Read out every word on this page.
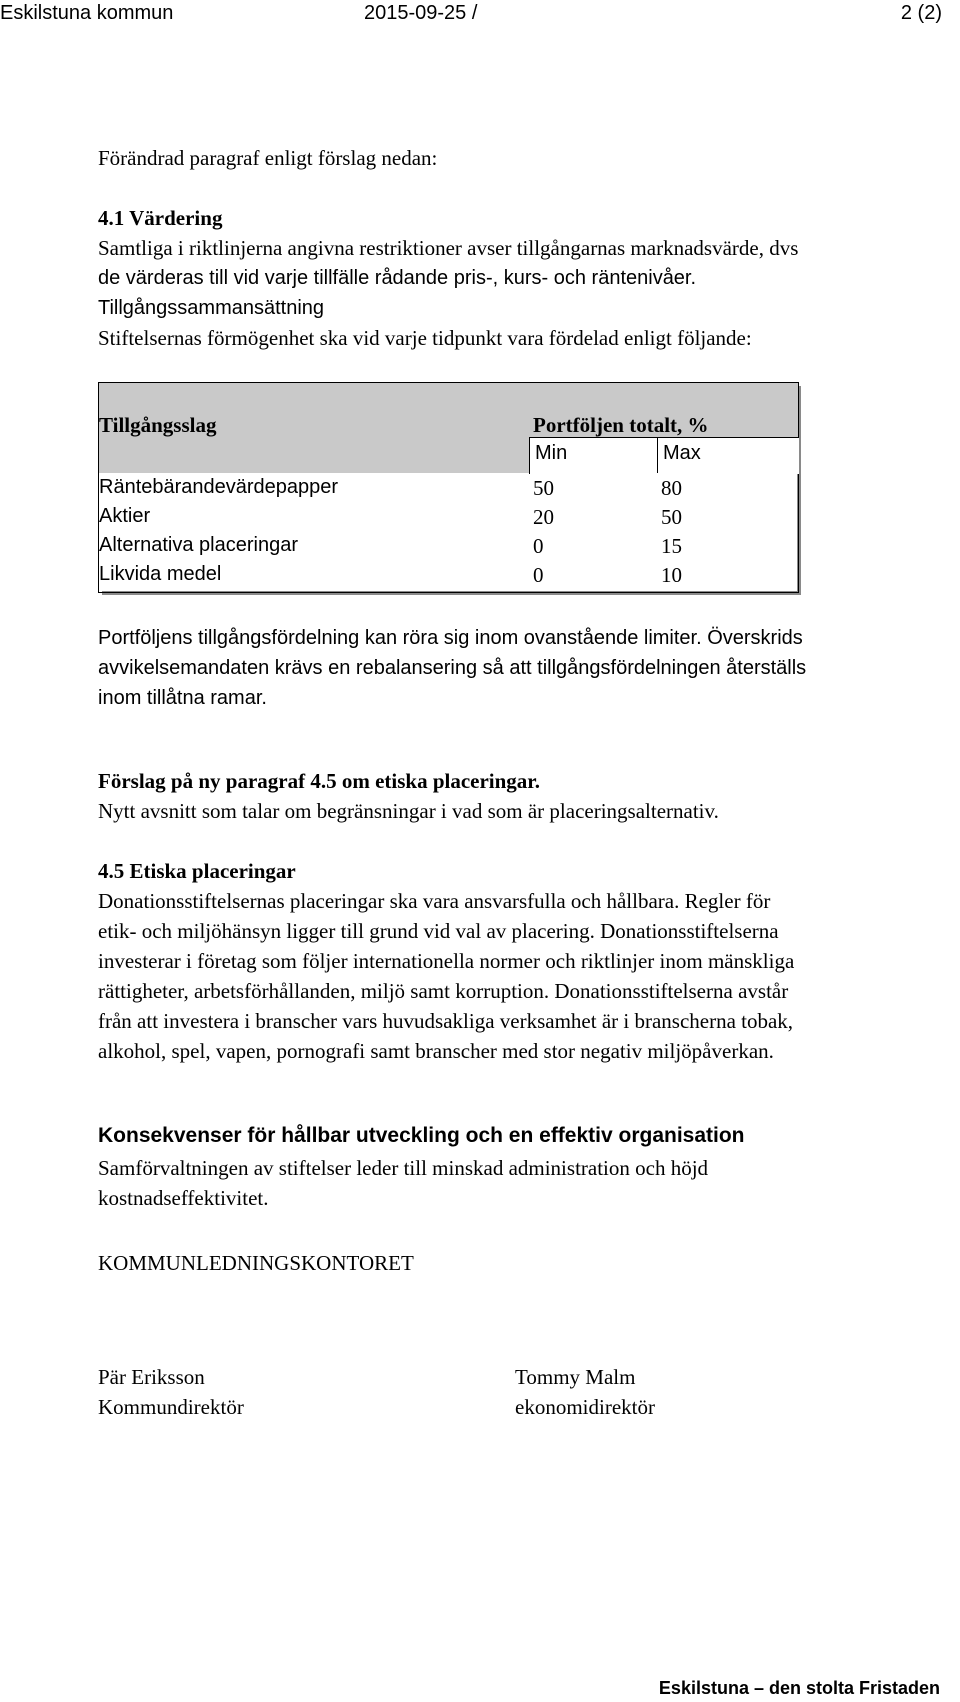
Eskilstuna kommun	2015-09-25 /	2 (2)
Förändrad paragraf enligt förslag nedan:

4.1 Värdering
Samtliga i riktlinjerna angivna restriktioner avser tillgångarnas marknadsvärde, dvs
de värderas till vid varje tillfälle rådande pris-, kurs- och räntenivåer.
Tillgångssammansättning
Stiftelsernas förmögenhet ska vid varje tidpunkt vara fördelad enligt följande:

Tillgångsslag	Portföljen totalt, %
Min	Max
Räntebärandevärdepapper	50	80
Aktier	20	50
Alternativa placeringar	0	15
Likvida medel	0	10

Portföljens tillgångsfördelning kan röra sig inom ovanstående limiter. Överskrids
avvikelsemandaten krävs en rebalansering så att tillgångsfördelningen återställs
inom tillåtna ramar.

Förslag på ny paragraf 4.5 om etiska placeringar.
Nytt avsnitt som talar om begränsningar i vad som är placeringsalternativ.

4.5 Etiska placeringar
Donationsstiftelsernas placeringar ska vara ansvarsfulla och hållbara. Regler för
etik- och miljöhänsyn ligger till grund vid val av placering. Donationsstiftelserna
investerar i företag som följer internationella normer och riktlinjer inom mänskliga
rättigheter, arbetsförhållanden, miljö samt korruption. Donationsstiftelserna avstår
från att investera i branscher vars huvudsakliga verksamhet är i branscherna tobak,
alkohol, spel, vapen, pornografi samt branscher med stor negativ miljöpåverkan.

Konsekvenser för hållbar utveckling och en effektiv organisation

Samförvaltningen av stiftelser leder till minskad administration och höjd
kostnadseffektivitet.

KOMMUNLEDNINGSKONTORET
Pär Eriksson
Kommundirektör
Tommy Malm
ekonomidirektör
Eskilstuna – den stolta Fristaden
